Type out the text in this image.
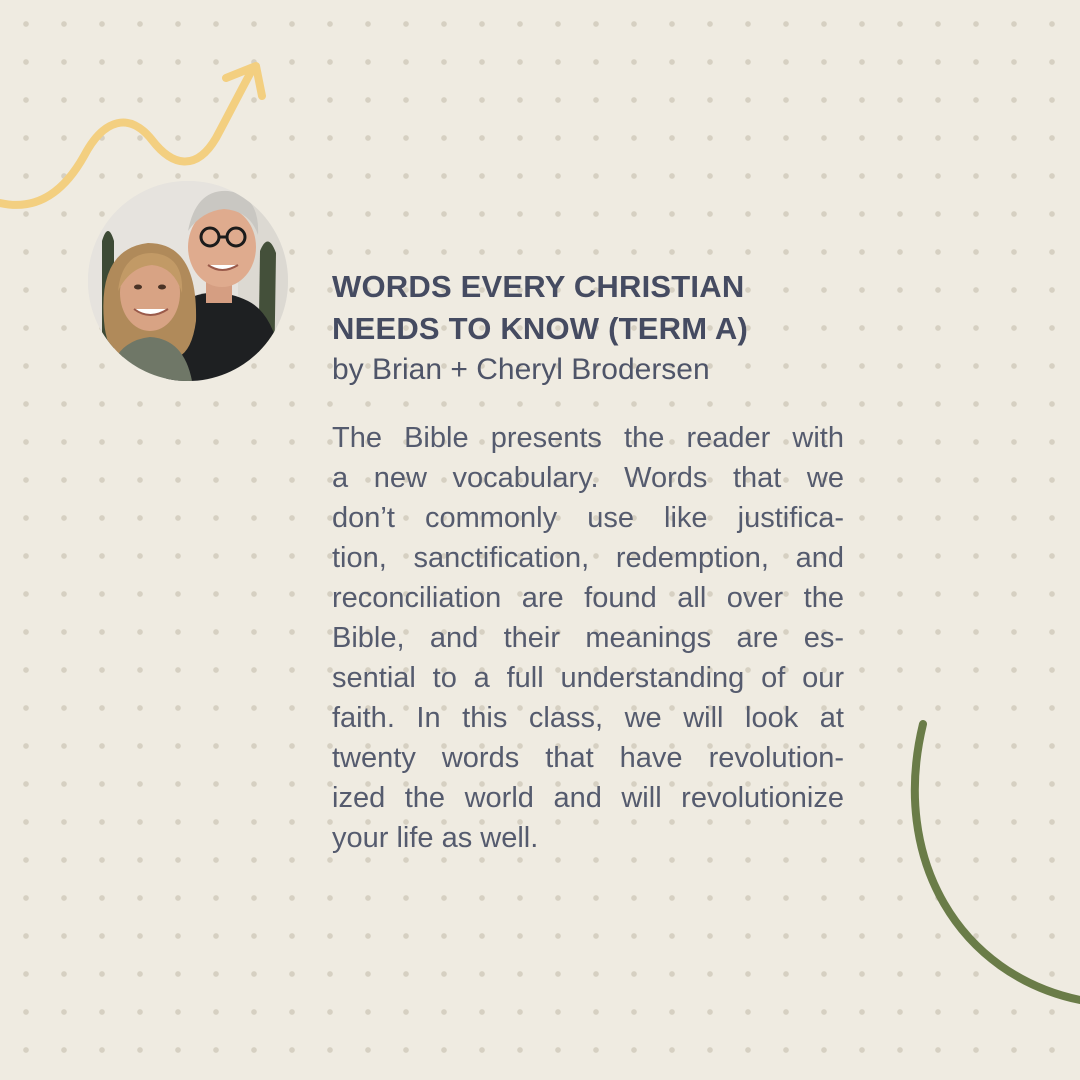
WORDS EVERY CHRISTIAN
NEEDS TO KNOW (TERM A)

by Brian + Cheryl Brodersen

The Bible presents the reader with
a new vocabulary. Words that we
don’t commonly use like justifica-
tion, sanctification, redemption, and
reconciliation are found all over the
Bible, and their meanings are es-
sential to a full understanding of our
faith. In this class, we will look at
twenty words that have revolution-
ized the world and will revolutionize
your life as well.
